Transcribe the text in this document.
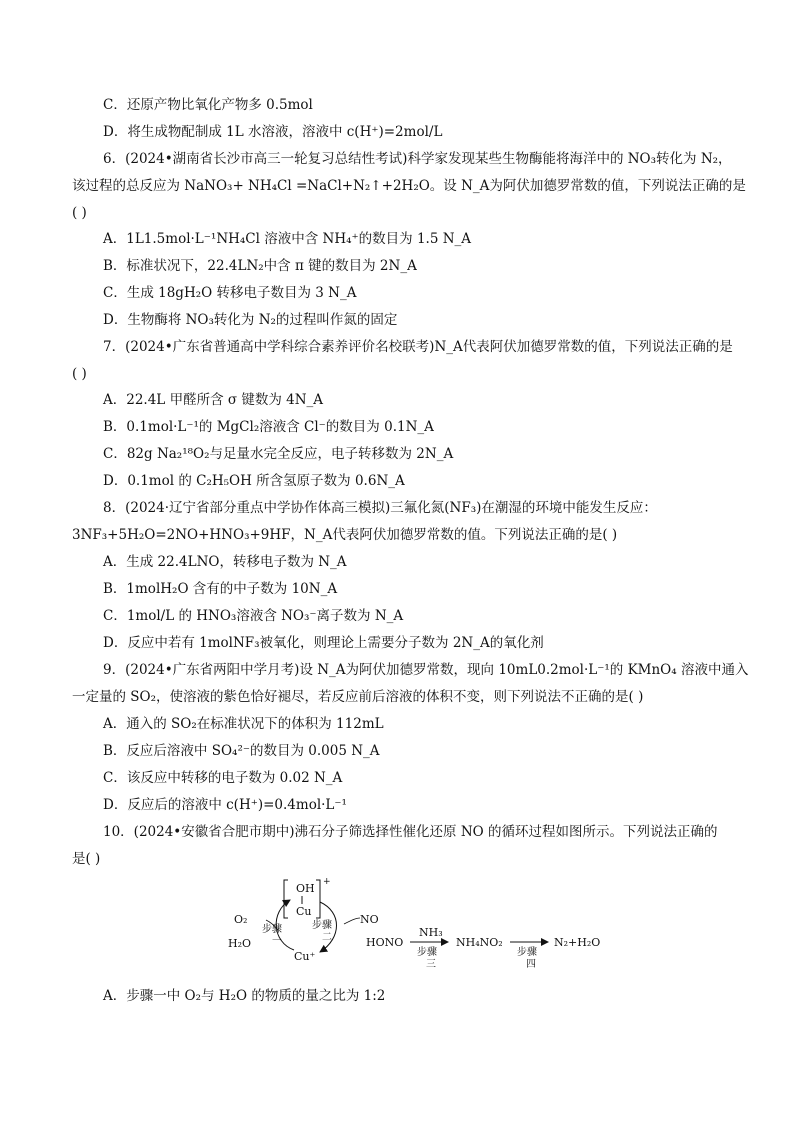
C．还原产物比氧化产物多 0.5mol
D．将生成物配制成 1L 水溶液，溶液中 c(H⁺)=2mol/L
6．(2024•湖南省长沙市高三一轮复习总结性考试)科学家发现某些生物酶能将海洋中的 NO₃转化为 N₂，
该过程的总反应为 NaNO₃+ NH₄Cl =NaCl+N₂↑+2H₂O。设 N_A为阿伏加德罗常数的值，下列说法正确的是
( )
A．1L1.5mol·L⁻¹NH₄Cl 溶液中含 NH₄⁺的数目为 1.5 N_A
B．标准状况下，22.4LN₂中含 π 键的数目为 2N_A
C．生成 18gH₂O 转移电子数目为 3 N_A
D．生物酶将 NO₃转化为 N₂的过程叫作氮的固定
7．(2024•广东省普通高中学科综合素养评价名校联考)N_A代表阿伏加德罗常数的值，下列说法正确的是
( )
A．22.4L 甲醛所含 σ 键数为 4N_A
B．0.1mol·L⁻¹的 MgCl₂溶液含 Cl⁻的数目为 0.1N_A
C．82g Na₂¹⁸O₂与足量水完全反应，电子转移数为 2N_A
D．0.1mol 的 C₂H₅OH 所含氢原子数为 0.6N_A
8．(2024·辽宁省部分重点中学协作体高三模拟)三氟化氮(NF₃)在潮湿的环境中能发生反应：
3NF₃+5H₂O=2NO+HNO₃+9HF，N_A代表阿伏加德罗常数的值。下列说法正确的是( )
A．生成 22.4LNO，转移电子数为 N_A
B．1molH₂O 含有的中子数为 10N_A
C．1mol/L 的 HNO₃溶液含 NO₃⁻离子数为 N_A
D．反应中若有 1molNF₃被氧化，则理论上需要分子数为 2N_A的氧化剂
9．(2024•广东省两阳中学月考)设 N_A为阿伏加德罗常数，现向 10mL0.2mol·L⁻¹的 KMnO₄ 溶液中通入
一定量的 SO₂，使溶液的紫色恰好褪尽，若反应前后溶液的体积不变，则下列说法不正确的是( )
A．通入的 SO₂在标准状况下的体积为 112mL
B．反应后溶液中 SO₄²⁻的数目为 0.005 N_A
C．该反应中转移的电子数为 0.02 N_A
D．反应后的溶液中 c(H⁺)=0.4mol·L⁻¹
10．(2024•安徽省合肥市期中)沸石分子筛选择性催化还原 NO 的循环过程如图所示。下列说法正确的
是( )
OH
Cu
+
O₂
H₂O
NO
Cu⁺
步骤
一
步骤
二	HONO
NH₃
步骤
三
NH₄NO₂
步骤
四
N₂+H₂O
A．步骤一中 O₂与 H₂O 的物质的量之比为 1:2
